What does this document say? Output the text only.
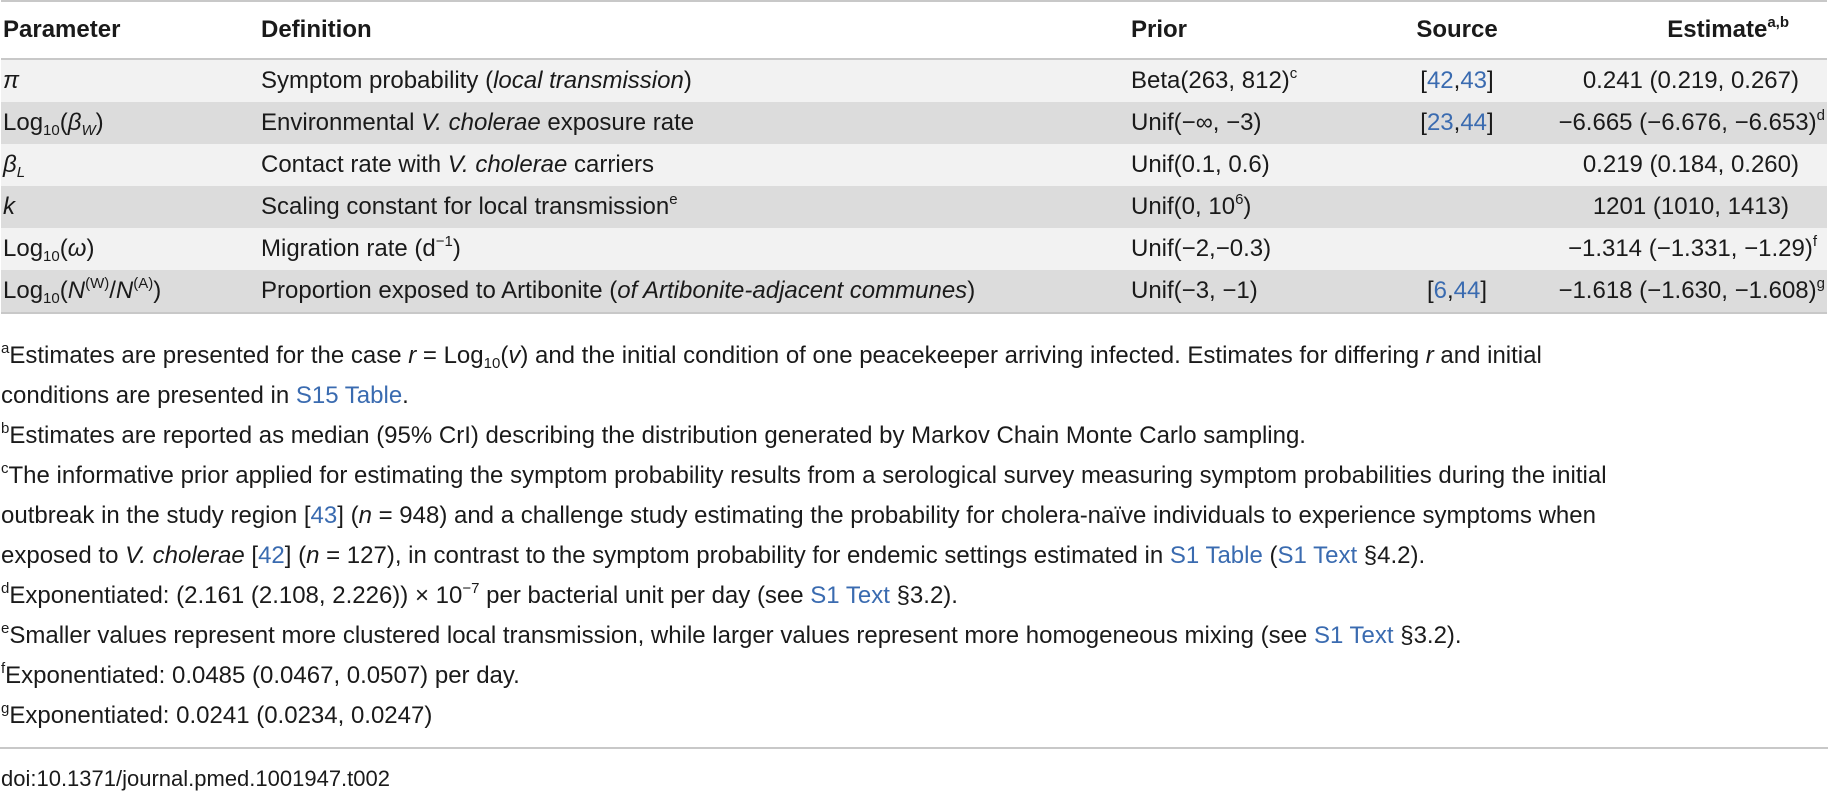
Parameter	Definition	Prior	Source	Estimate$^{a,b}$
π	Symptom probability (local transmission)	Beta(263, 812)$^c$	[42,43]	0.241 (0.219, 0.267)
$Log_{10}(\beta_W)$	Environmental V. cholerae exposure rate	Unif(−∞, −3)	[23,44]	−6.665 (−6.676, −6.653)$^d$
$\beta_L$	Contact rate with V. cholerae carriers	Unif(0.1, 0.6)		0.219 (0.184, 0.260)
k	Scaling constant for local transmission$^e$	Unif(0, $10^6$)		1201 (1010, 1413)
Log$_{10}$(ω)	Migration rate $(d^{-1})$	Unif(−2,−0.3)		−1.314 (−1.331, −1.29)$^f$
$Log_{10}(N^{(W)}/N^{(A)})$	Proportion exposed to Artibonite (of Artibonite-adjacent communes)	Unif(−3, −1)	[6,44]	−1.618 (−1.630, −1.608)$^g$

$^a$Estimates are presented for the case r = Log$_{10}$(v) and the initial condition of one peacekeeper arriving infected. Estimates for differing r and initial
conditions are presented in S15 Table.

$^b$Estimates are reported as median (95% CrI) describing the distribution generated by Markov Chain Monte Carlo sampling.

$^c$The informative prior applied for estimating the symptom probability results from a serological survey measuring symptom probabilities during the initial
outbreak in the study region [43] (n = 948) and a challenge study estimating the probability for cholera-naïve individuals to experience symptoms when
exposed to V. cholerae [42] (n = 127), in contrast to the symptom probability for endemic settings estimated in S1 Table (S1 Text §4.2).

$^d$Exponentiated: (2.161 (2.108, $2.226)) \times 10^{-7}$ per bacterial unit per day (see S1 Text §3.2).

$^e$Smaller values represent more clustered local transmission, while larger values represent more homogeneous mixing (see S1 Text §3.2).

$^f$Exponentiated: 0.0485 (0.0467, 0.0507) per day.

$^g$Exponentiated: 0.0241 (0.0234, 0.0247)

doi:10.1371/journal.pmed.1001947.t002
